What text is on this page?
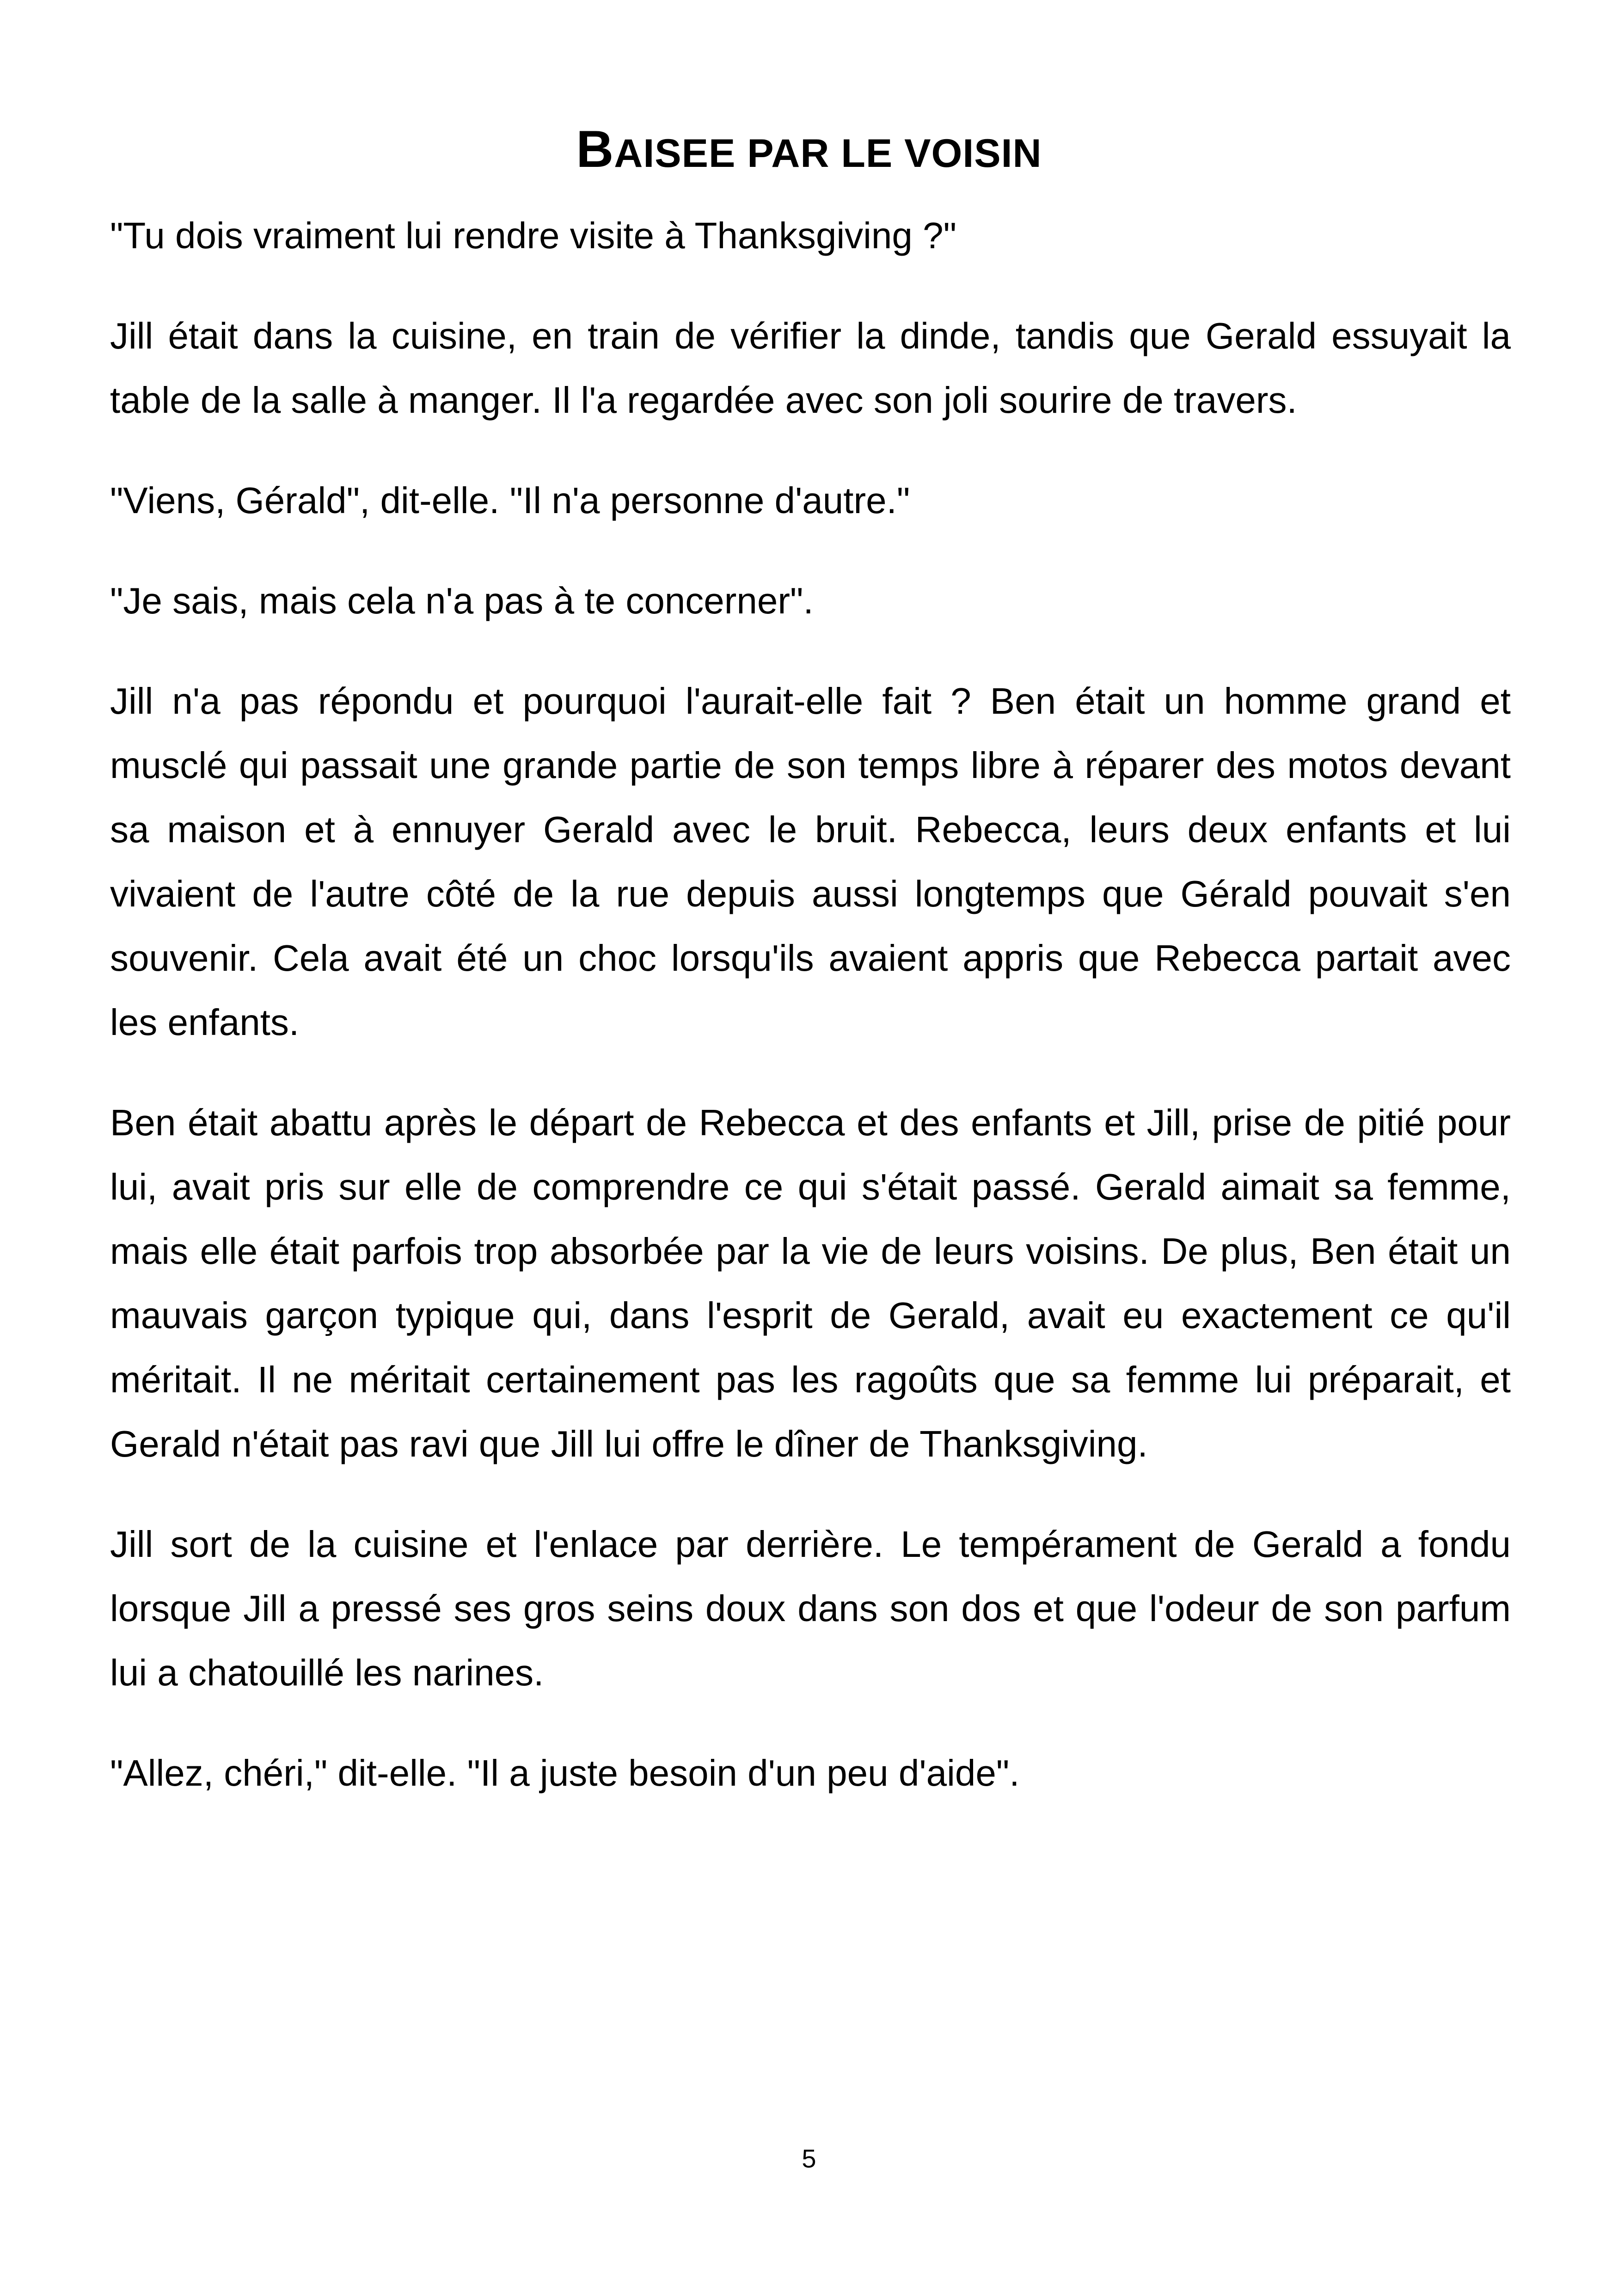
BAISEE PAR LE VOISIN

"Tu dois vraiment lui rendre visite à Thanksgiving ?"

Jill était dans la cuisine, en train de vérifier la dinde, tandis que Gerald essuyait la table de la salle à manger. Il l'a regardée avec son joli sourire de travers.

"Viens, Gérald", dit-elle. "Il n'a personne d'autre."

"Je sais, mais cela n'a pas à te concerner".

Jill n'a pas répondu et pourquoi l'aurait-elle fait ? Ben était un homme grand et musclé qui passait une grande partie de son temps libre à réparer des motos devant sa maison et à ennuyer Gerald avec le bruit. Rebecca, leurs deux enfants et lui vivaient de l'autre côté de la rue depuis aussi longtemps que Gérald pouvait s'en souvenir. Cela avait été un choc lorsqu'ils avaient appris que Rebecca partait avec les enfants.

Ben était abattu après le départ de Rebecca et des enfants et Jill, prise de pitié pour lui, avait pris sur elle de comprendre ce qui s'était passé. Gerald aimait sa femme, mais elle était parfois trop absorbée par la vie de leurs voisins. De plus, Ben était un mauvais garçon typique qui, dans l'esprit de Gerald, avait eu exactement ce qu'il méritait. Il ne méritait certainement pas les ragoûts que sa femme lui préparait, et Gerald n'était pas ravi que Jill lui offre le dîner de Thanksgiving.

Jill sort de la cuisine et l'enlace par derrière. Le tempérament de Gerald a fondu lorsque Jill a pressé ses gros seins doux dans son dos et que l'odeur de son parfum lui a chatouillé les narines.

"Allez, chéri," dit-elle. "Il a juste besoin d'un peu d'aide".

5
